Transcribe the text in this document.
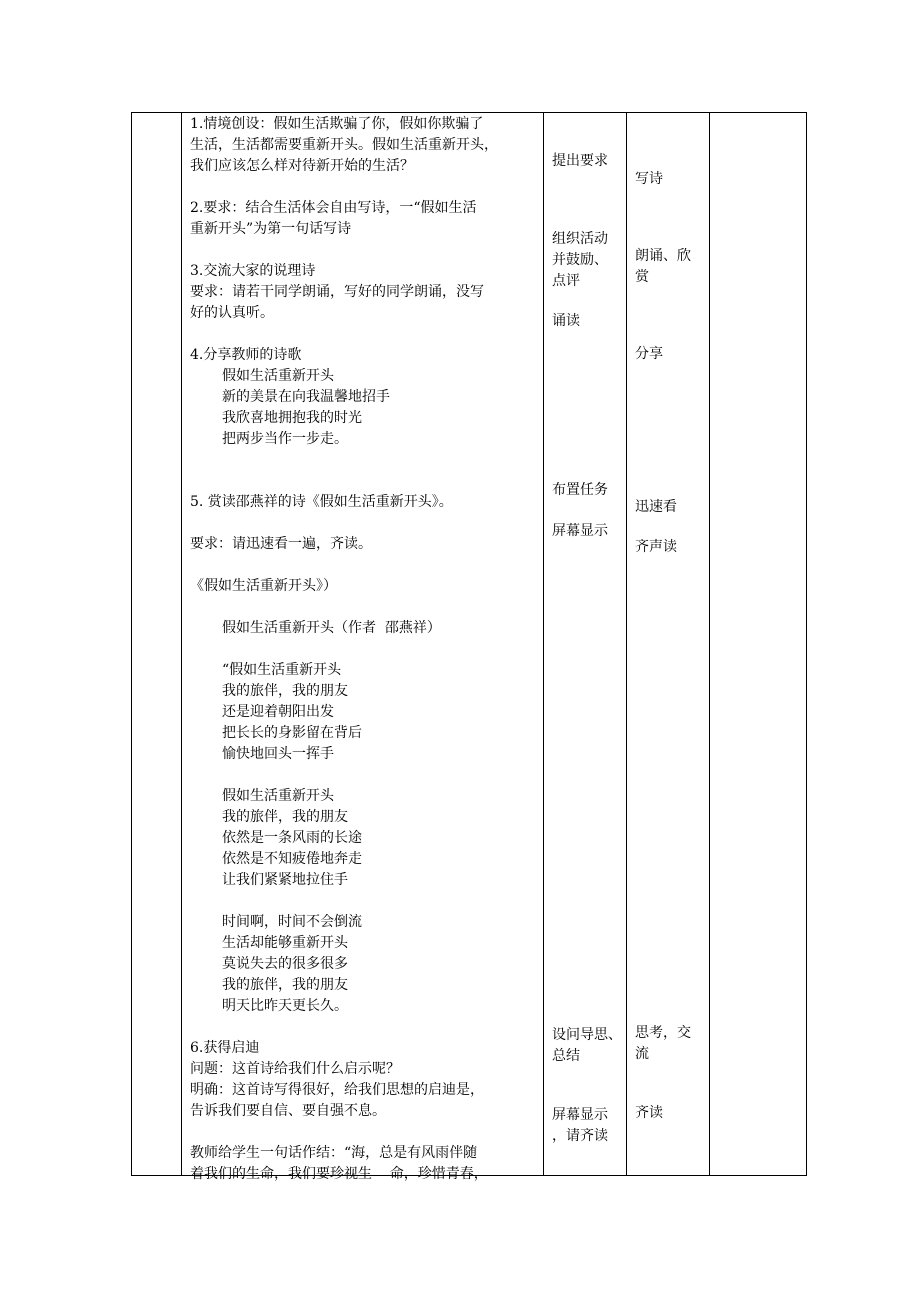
1.情境创设：假如生活欺骗了你，假如你欺骗了
生活，生活都需要重新开头。假如生活重新开头，
我们应该怎么样对待新开始的生活？
2.要求：结合生活体会自由写诗，一“假如生活
重新开头”为第一句话写诗
3.交流大家的说理诗
要求：请若干同学朗诵，写好的同学朗诵，没写
好的认真听。
4.分享教师的诗歌
假如生活重新开头
新的美景在向我温馨地招手
我欣喜地拥抱我的时光
把两步当作一步走。
5. 赏读邵燕祥的诗《假如生活重新开头》。
要求：请迅速看一遍，齐读。
《假如生活重新开头》）
假如生活重新开头（作者  邵燕祥）
“假如生活重新开头
我的旅伴，我的朋友
还是迎着朝阳出发
把长长的身影留在背后
愉快地回头一挥手
假如生活重新开头
我的旅伴，我的朋友
依然是一条风雨的长途
依然是不知疲倦地奔走
让我们紧紧地拉住手
时间啊，时间不会倒流
生活却能够重新开头
莫说失去的很多很多
我的旅伴，我的朋友
明天比昨天更长久。
6.获得启迪
问题：这首诗给我们什么启示呢？
明确：这首诗写得很好，给我们思想的启迪是，
告诉我们要自信、要自强不息。
教师给学生一句话作结：“海，总是有风雨伴随
着我们的生命，我们要珍视生    命，珍惜青春，
提出要求
组织活动
并鼓励、
点评
诵读
布置任务
屏幕显示
设问导思、
总结
屏幕显示
，请齐读
写诗
朗诵、欣
赏
分享
迅速看
齐声读
思考，交
流
齐读
